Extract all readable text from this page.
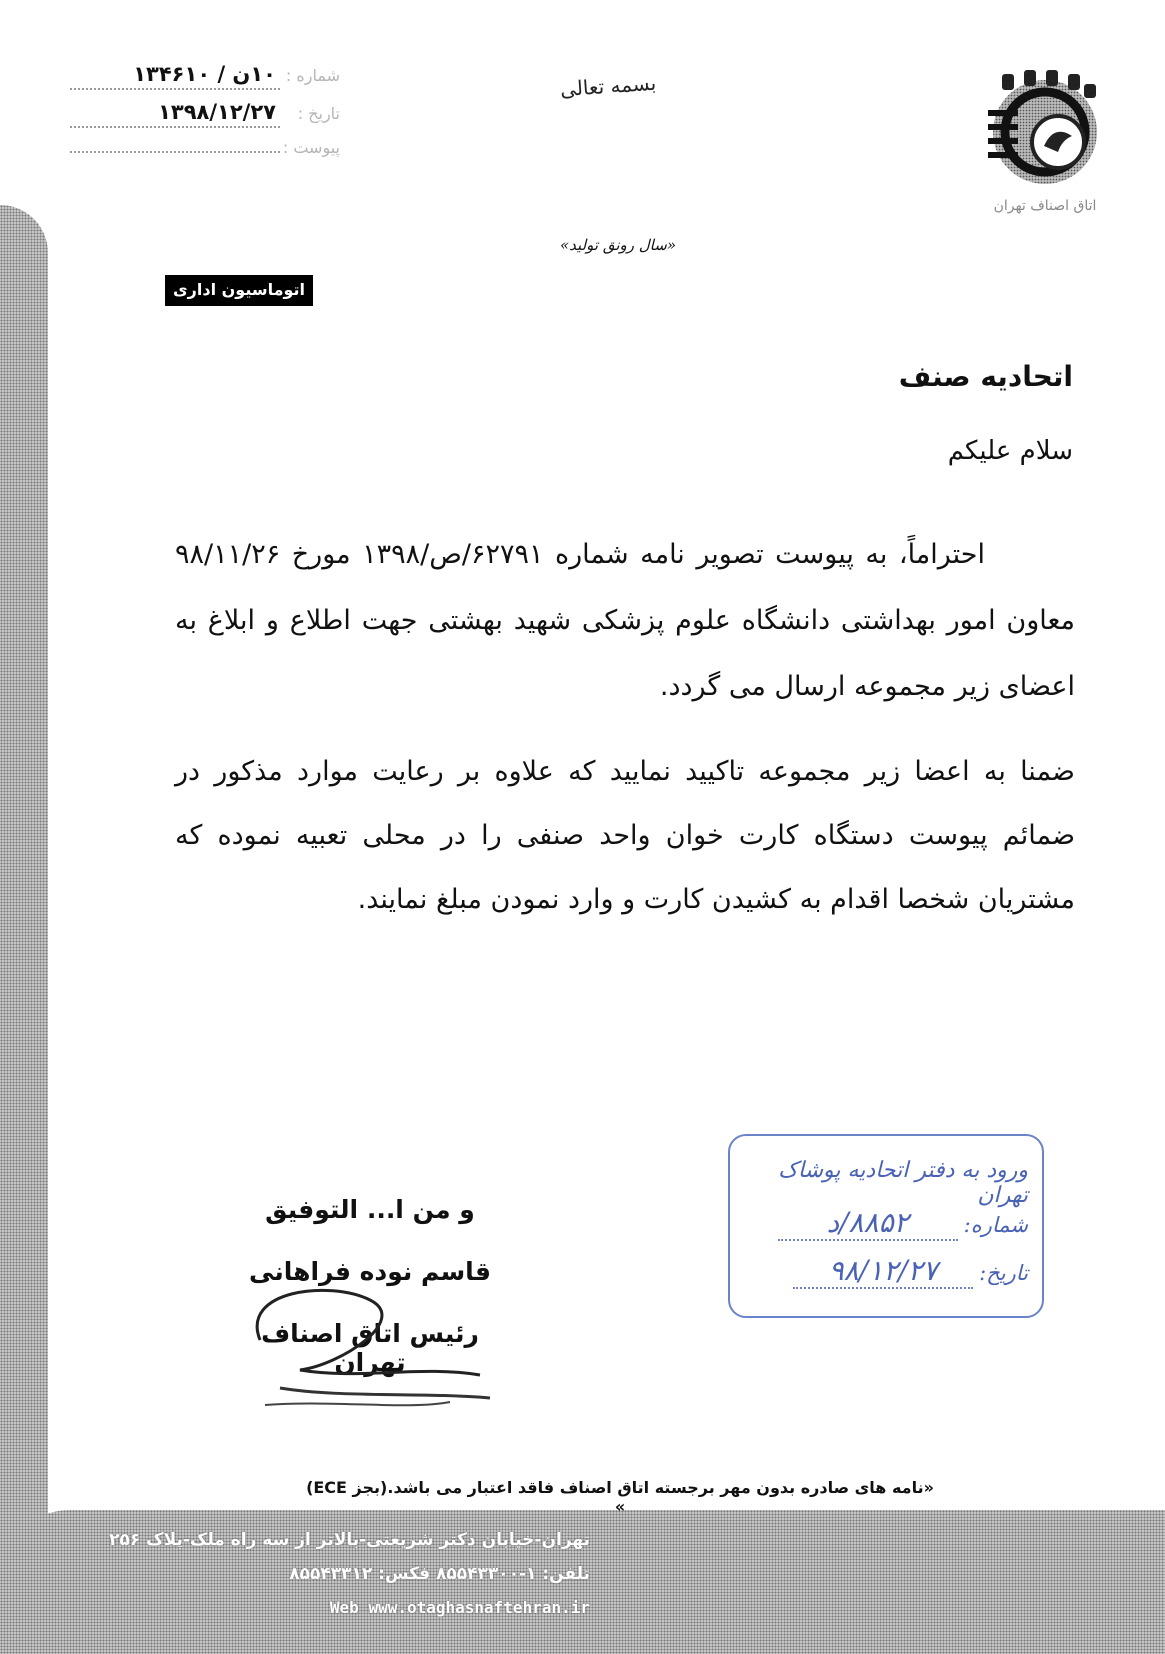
شماره :
۱۰ن / ۱۳۴۶۱۰
تاریخ :
۱۳۹۸/۱۲/۲۷
پیوست :
بسمه تعالی
«سال رونق تولید»
اتاق اصناف تهران
اتوماسیون اداری
اتحادیه صنف
سلام علیکم
احتراماً، به پیوست تصویر نامه شماره ۶۲۷۹۱/ص/۱۳۹۸ مورخ ۹۸/۱۱/۲۶ معاون امور بهداشتی دانشگاه علوم پزشکی شهید بهشتی جهت اطلاع و ابلاغ به اعضای زیر مجموعه ارسال می گردد.
ضمنا به اعضا زیر مجموعه تاکیید نمایید که علاوه بر رعایت موارد مذکور در ضمائم پیوست دستگاه کارت خوان واحد صنفی را در محلی تعبیه نموده که مشتریان شخصا اقدام به کشیدن کارت و وارد نمودن مبلغ نمایند.
و من ا... التوفیق
قاسم نوده فراهانی
رئیس اتاق اصناف تهران
ورود به دفتر اتحادیه پوشاک تهران
شماره:
۸۸۵۲/د
تاریخ:
۹۸/۱۲/۲۷
«نامه های صادره بدون مهر برجسته اتاق اصناف فاقد اعتبار می باشد.(بجز ECE) »
تهران-خیابان دکتر شریعتی-بالاتر از سه راه ملک-پلاک ۲۵۶
تلفن: ۱-۸۵۵۴۳۳۰۰ فکس: ۸۵۵۴۳۳۱۲
Web www.otaghasnaftehran.ir
